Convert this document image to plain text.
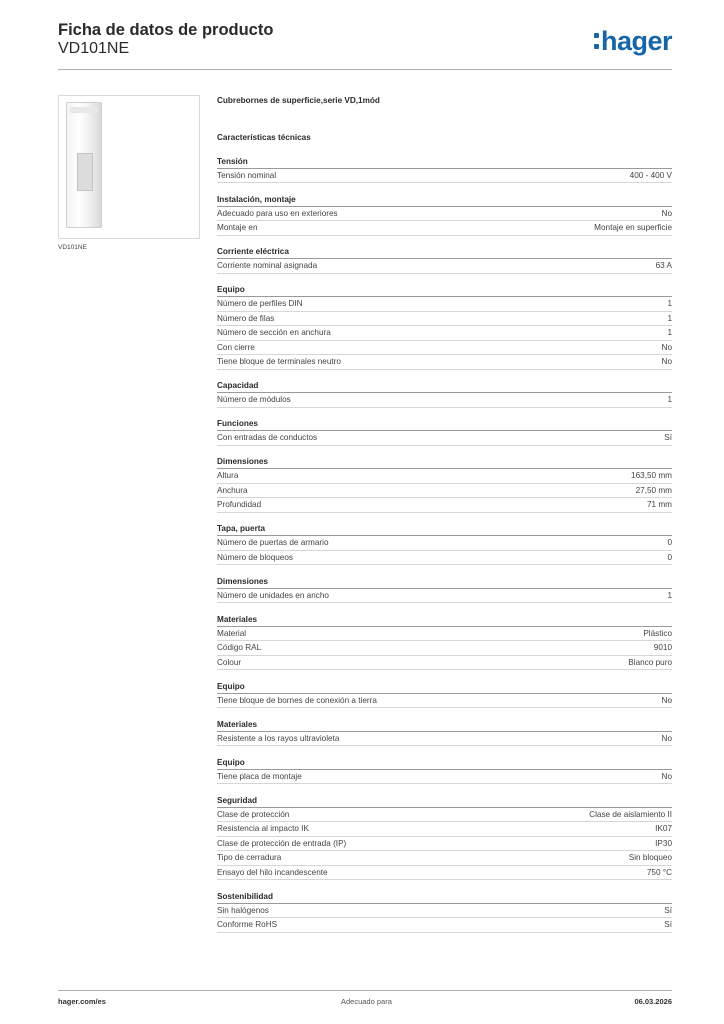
Ficha de datos de producto
VD101NE	hager
VD101NE
Cubrebornes de superficie,serie VD,1mód
Características técnicas
Tensión
Tensión nominal	400 - 400 V
Instalación, montaje
Adecuado para uso en exteriores	No
Montaje en	Montaje en superficie
Corriente eléctrica
Corriente nominal asignada	63 A
Equipo
Número de perfiles DIN	1
Número de filas	1
Número de sección en anchura	1
Con cierre	No
Tiene bloque de terminales neutro	No
Capacidad
Número de módulos	1
Funciones
Con entradas de conductos	Sí
Dimensiones
Altura	163,50 mm
Anchura	27,50 mm
Profundidad	71 mm
Tapa, puerta
Número de puertas de armario	0
Número de bloqueos	0
Dimensiones
Número de unidades en ancho	1
Materiales
Material	Plástico
Código RAL	9010
Colour	Blanco puro
Equipo
Tiene bloque de bornes de conexión a tierra	No
Materiales
Resistente a los rayos ultravioleta	No
Equipo
Tiene placa de montaje	No
Seguridad
Clase de protección	Clase de aislamiento II
Resistencia al impacto IK	IK07
Clase de protección de entrada (IP)	IP30
Tipo de cerradura	Sin bloqueo
Ensayo del hilo incandescente	750 °C
Sostenibilidad
Sin halógenos	Sí
Conforme RoHS	Sí
hager.com/es	Adecuado para	06.03.2026
